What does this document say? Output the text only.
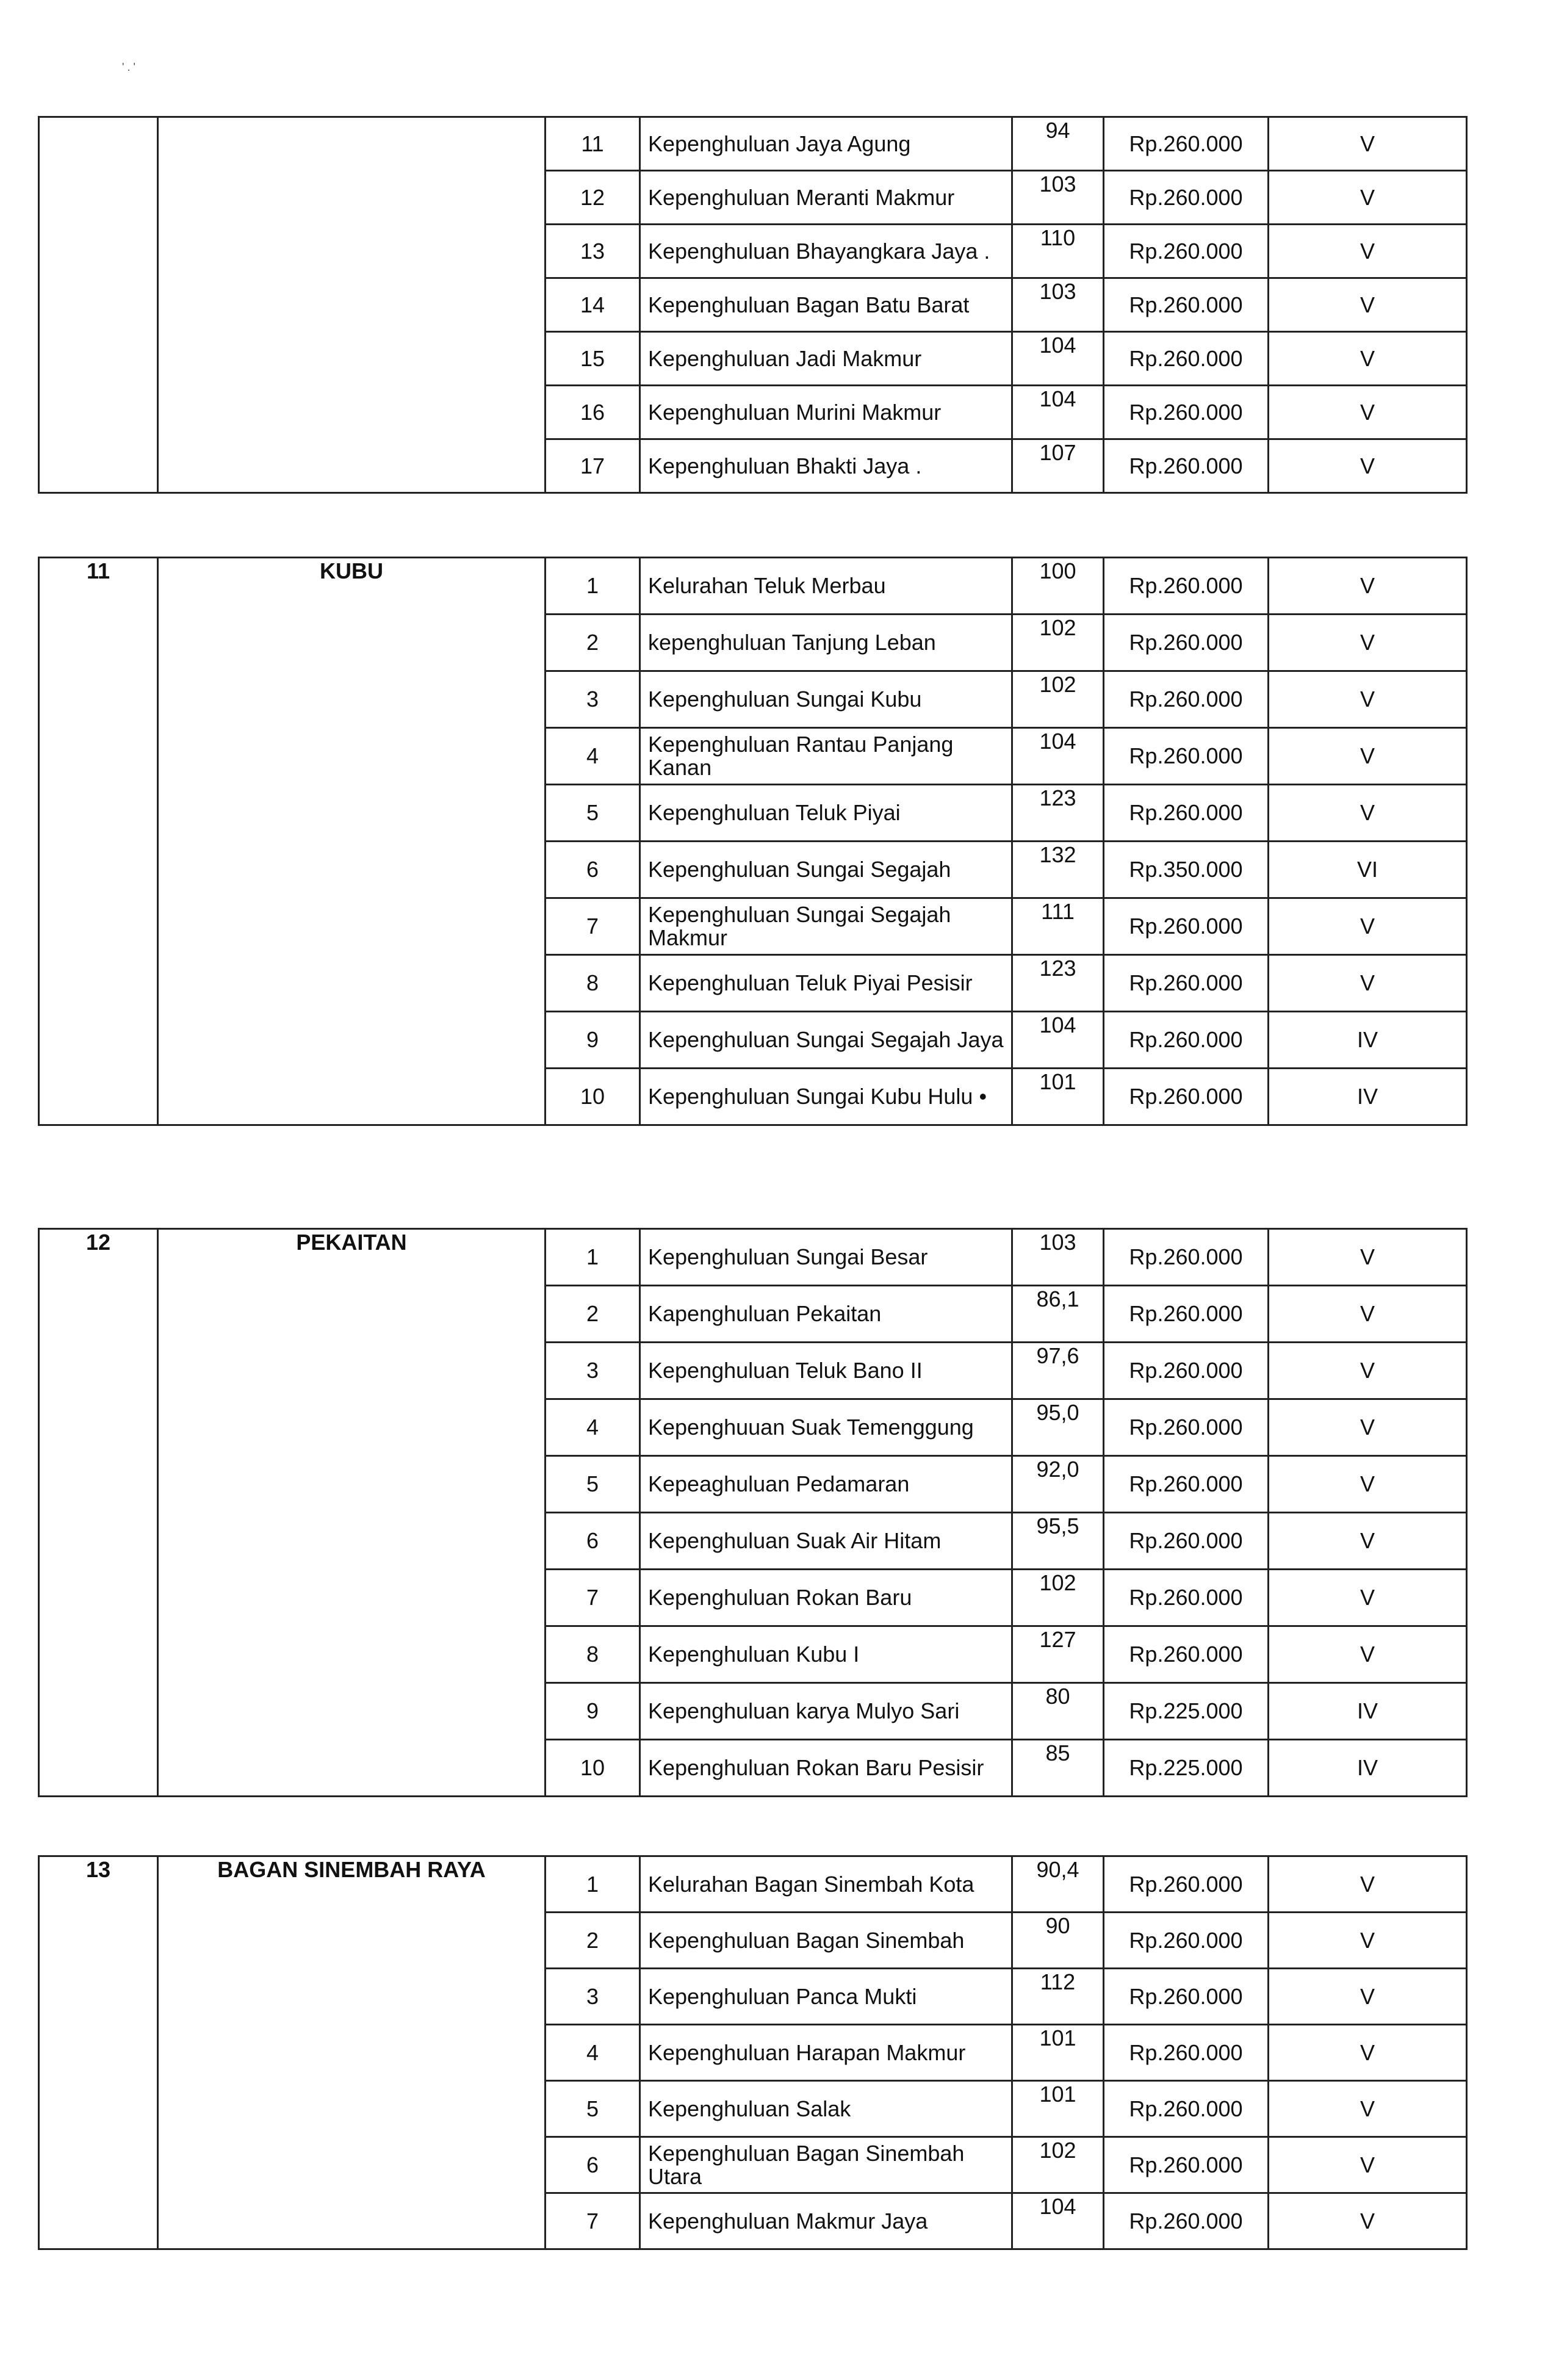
' . '
		11	Kepenghuluan Jaya Agung	94	Rp.260.000	V
		12	Kepenghuluan Meranti Makmur	103	Rp.260.000	V
		13	Kepenghuluan Bhayangkara Jaya .	110	Rp.260.000	V
		14	Kepenghuluan Bagan Batu Barat	103	Rp.260.000	V
		15	Kepenghuluan Jadi Makmur	104	Rp.260.000	V
		16	Kepenghuluan Murini Makmur	104	Rp.260.000	V
		17	Kepenghuluan Bhakti Jaya .	107	Rp.260.000	V
11	KUBU	1	Kelurahan Teluk Merbau	100	Rp.260.000	V
		2	kepenghuluan Tanjung Leban	102	Rp.260.000	V
		3	Kepenghuluan Sungai Kubu	102	Rp.260.000	V
		4	Kepenghuluan Rantau Panjang Kanan	104	Rp.260.000	V
		5	Kepenghuluan Teluk Piyai	123	Rp.260.000	V
		6	Kepenghuluan Sungai Segajah	132	Rp.350.000	VI
		7	Kepenghuluan Sungai Segajah Makmur	111	Rp.260.000	V
		8	Kepenghuluan Teluk Piyai Pesisir	123	Rp.260.000	V
		9	Kepenghuluan Sungai Segajah Jaya	104	Rp.260.000	IV
		10	Kepenghuluan Sungai Kubu Hulu •	101	Rp.260.000	IV
12	PEKAITAN	1	Kepenghuluan Sungai Besar	103	Rp.260.000	V
		2	Kapenghuluan Pekaitan	86,1	Rp.260.000	V
		3	Kepenghuluan Teluk Bano II	97,6	Rp.260.000	V
		4	Kepenghuuan Suak Temenggung	95,0	Rp.260.000	V
		5	Kepeaghuluan Pedamaran	92,0	Rp.260.000	V
		6	Kepenghuluan Suak Air Hitam	95,5	Rp.260.000	V
		7	Kepenghuluan Rokan Baru	102	Rp.260.000	V
		8	Kepenghuluan Kubu I	127	Rp.260.000	V
		9	Kepenghuluan karya Mulyo Sari	80	Rp.225.000	IV
		10	Kepenghuluan Rokan Baru Pesisir	85	Rp.225.000	IV
13	BAGAN SINEMBAH RAYA	1	Kelurahan Bagan Sinembah Kota	90,4	Rp.260.000	V
		2	Kepenghuluan Bagan Sinembah	90	Rp.260.000	V
		3	Kepenghuluan Panca Mukti	112	Rp.260.000	V
		4	Kepenghuluan Harapan Makmur	101	Rp.260.000	V
		5	Kepenghuluan Salak	101	Rp.260.000	V
		6	Kepenghuluan Bagan Sinembah Utara	102	Rp.260.000	V
		7	Kepenghuluan Makmur Jaya	104	Rp.260.000	V
